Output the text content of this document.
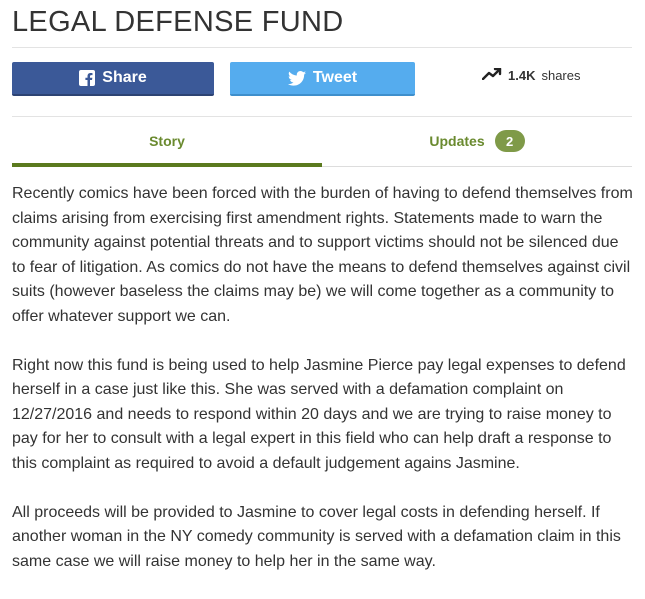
LEGAL DEFENSE FUND
Share	Tweet	1.4K shares
Story	Updates	2

Recently comics have been forced with the burden of having to defend themselves from claims arising from exercising first amendment rights. Statements made to warn the community against potential threats and to support victims should not be silenced due to fear of litigation. As comics do not have the means to defend themselves against civil suits (however baseless the claims may be) we will come together as a community to offer whatever support we can.

Right now this fund is being used to help Jasmine Pierce pay legal expenses to defend herself in a case just like this. She was served with a defamation complaint on 12/27/2016 and needs to respond within 20 days and we are trying to raise money to pay for her to consult with a legal expert in this field who can help draft a response to this complaint as required to avoid a default judgement agains Jasmine.

All proceeds will be provided to Jasmine to cover legal costs in defending herself. If another woman in the NY comedy community is served with a defamation claim in this same case we will raise money to help her in the same way.
